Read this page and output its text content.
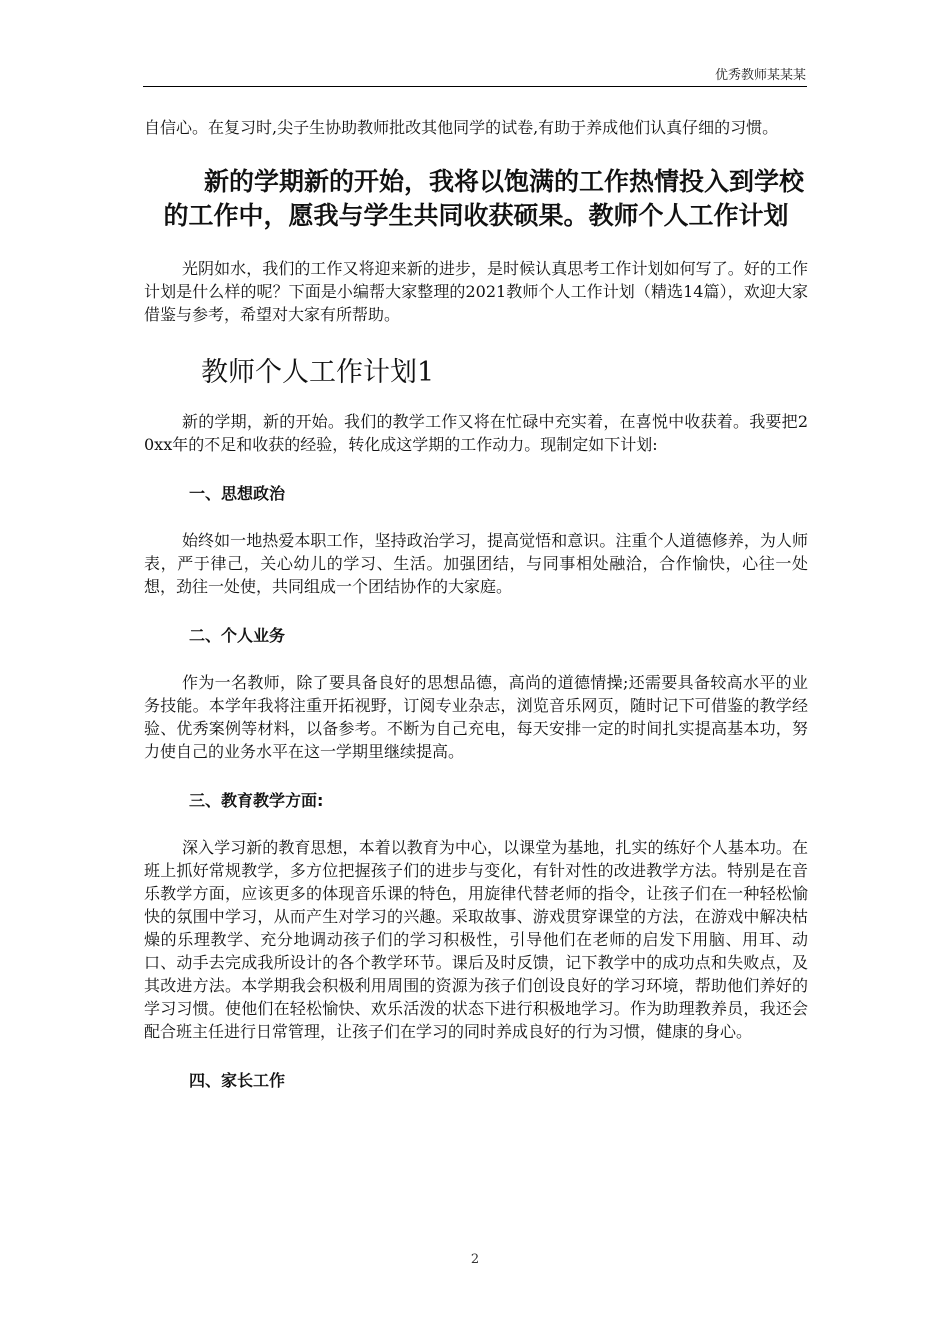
优秀教师某某某

自信心。在复习时,尖子生协助教师批改其他同学的试卷,有助于养成他们认真仔细的习惯。

新的学期新的开始，我将以饱满的工作热情投入到学校的工作中，愿我与学生共同收获硕果。教师个人工作计划

光阴如水，我们的工作又将迎来新的进步，是时候认真思考工作计划如何写了。好的工作计划是什么样的呢？下面是小编帮大家整理的2021教师个人工作计划（精选14篇），欢迎大家借鉴与参考，希望对大家有所帮助。

教师个人工作计划1

新的学期，新的开始。我们的教学工作又将在忙碌中充实着，在喜悦中收获着。我要把20xx年的不足和收获的经验，转化成这学期的工作动力。现制定如下计划:

一、思想政治

始终如一地热爱本职工作，坚持政治学习，提高觉悟和意识。注重个人道德修养，为人师表，严于律己，关心幼儿的学习、生活。加强团结，与同事相处融洽，合作愉快，心往一处想，劲往一处使，共同组成一个团结协作的大家庭。

二、个人业务

作为一名教师，除了要具备良好的思想品德，高尚的道德情操;还需要具备较高水平的业务技能。本学年我将注重开拓视野，订阅专业杂志，浏览音乐网页，随时记下可借鉴的教学经验、优秀案例等材料，以备参考。不断为自己充电，每天安排一定的时间扎实提高基本功，努力使自己的业务水平在这一学期里继续提高。

三、教育教学方面:

深入学习新的教育思想，本着以教育为中心，以课堂为基地，扎实的练好个人基本功。在班上抓好常规教学，多方位把握孩子们的进步与变化，有针对性的改进教学方法。特别是在音乐教学方面，应该更多的体现音乐课的特色，用旋律代替老师的指令，让孩子们在一种轻松愉快的氛围中学习，从而产生对学习的兴趣。采取故事、游戏贯穿课堂的方法，在游戏中解决枯燥的乐理教学、充分地调动孩子们的学习积极性，引导他们在老师的启发下用脑、用耳、动口、动手去完成我所设计的各个教学环节。课后及时反馈，记下教学中的成功点和失败点，及其改进方法。本学期我会积极利用周围的资源为孩子们创设良好的学习环境，帮助他们养好的学习习惯。使他们在轻松愉快、欢乐活泼的状态下进行积极地学习。作为助理教养员，我还会配合班主任进行日常管理，让孩子们在学习的同时养成良好的行为习惯，健康的身心。

四、家长工作
2
